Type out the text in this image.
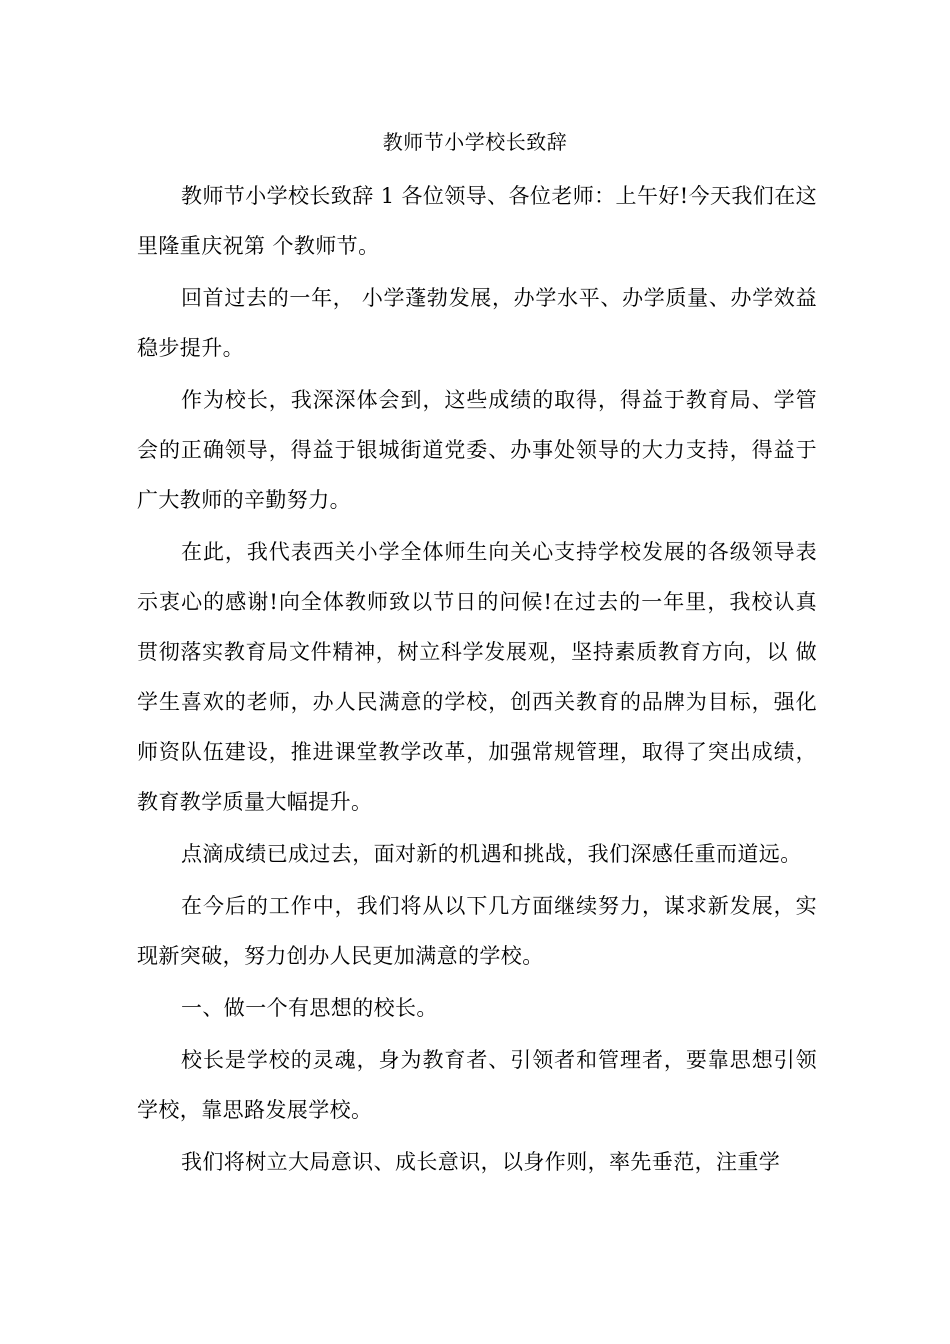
教师节小学校长致辞

教师节小学校长致辞 1 各位领导、各位老师：上午好!今天我们在这里隆重庆祝第 个教师节。

回首过去的一年， 小学蓬勃发展，办学水平、办学质量、办学效益稳步提升。

作为校长，我深深体会到，这些成绩的取得，得益于教育局、学管会的正确领导，得益于银城街道党委、办事处领导的大力支持，得益于广大教师的辛勤努力。

在此，我代表西关小学全体师生向关心支持学校发展的各级领导表示衷心的感谢!向全体教师致以节日的问候!在过去的一年里，我校认真贯彻落实教育局文件精神，树立科学发展观，坚持素质教育方向，以 做学生喜欢的老师，办人民满意的学校，创西关教育的品牌为目标，强化师资队伍建设，推进课堂教学改革，加强常规管理，取得了突出成绩，教育教学质量大幅提升。

点滴成绩已成过去，面对新的机遇和挑战，我们深感任重而道远。

在今后的工作中，我们将从以下几方面继续努力，谋求新发展，实现新突破，努力创办人民更加满意的学校。

一、做一个有思想的校长。

校长是学校的灵魂，身为教育者、引领者和管理者，要靠思想引领学校，靠思路发展学校。

我们将树立大局意识、成长意识，以身作则，率先垂范，注重学
